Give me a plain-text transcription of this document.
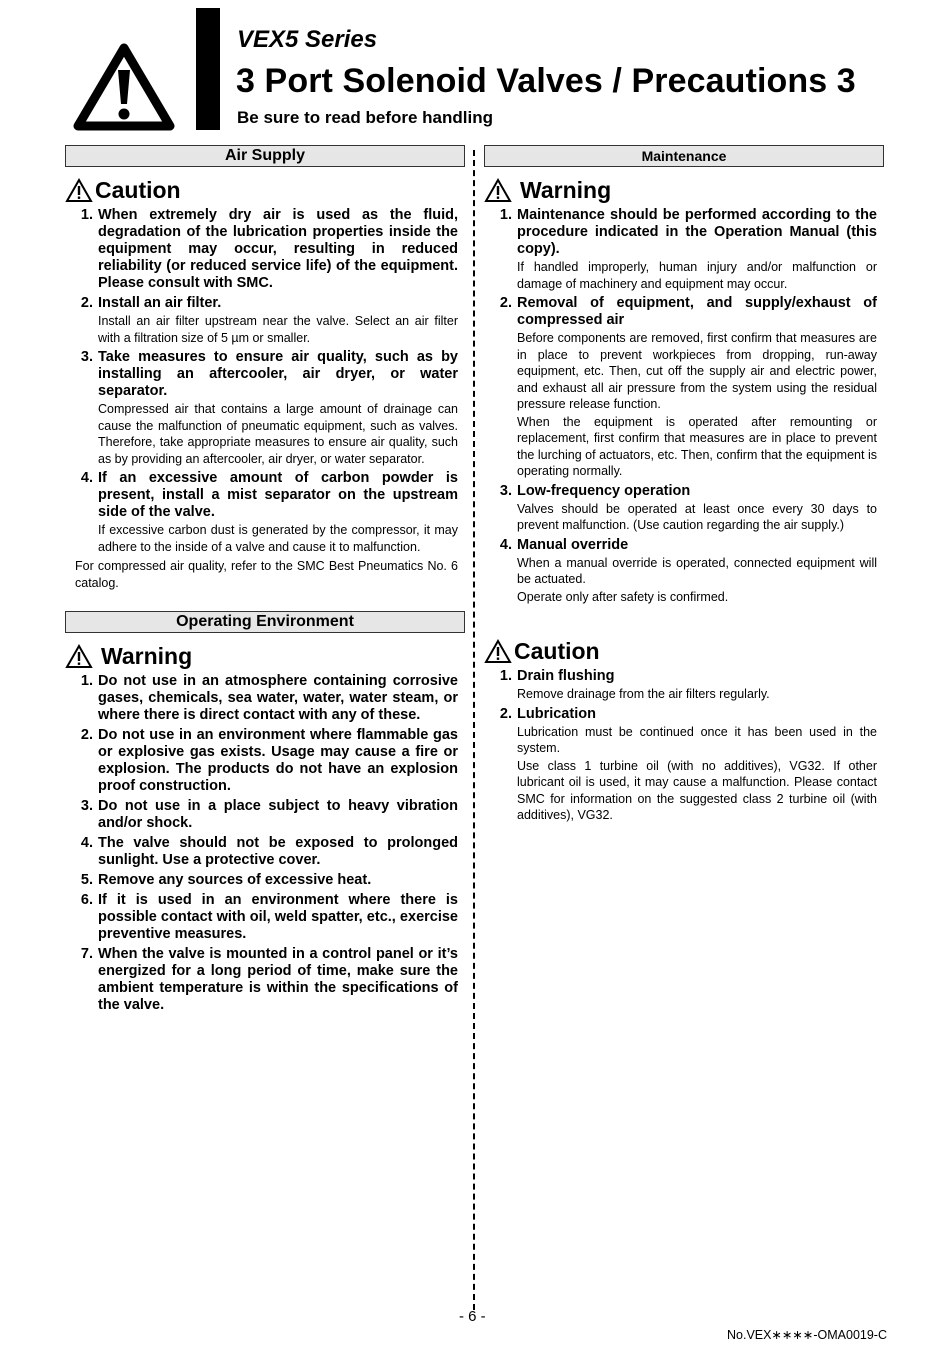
VEX5 Series
3 Port Solenoid Valves / Precautions 3

Be sure to read before handling

Air Supply
Caution
1. When extremely dry air is used as the fluid, degradation of the lubrication properties inside the equipment may occur, resulting in reduced reliability (or reduced service life) of the equipment. Please consult with SMC.
2. Install an air filter.
Install an air filter upstream near the valve. Select an air filter with a filtration size of 5 µm or smaller.
3. Take measures to ensure air quality, such as by installing an aftercooler, air dryer, or water separator.
Compressed air that contains a large amount of drainage can cause the malfunction of pneumatic equipment, such as valves. Therefore, take appropriate measures to ensure air quality, such as by providing an aftercooler, air dryer, or water separator.
4. If an excessive amount of carbon powder is present, install a mist separator on the upstream side of the valve.
If excessive carbon dust is generated by the compressor, it may adhere to the inside of a valve and cause it to malfunction.
For compressed air quality, refer to the SMC Best Pneumatics No. 6 catalog.
Operating Environment
Warning
1. Do not use in an atmosphere containing corrosive gases, chemicals, sea water, water, water steam, or where there is direct contact with any of these.
2. Do not use in an environment where flammable gas or explosive gas exists. Usage may cause a fire or explosion. The products do not have an explosion proof construction.
3. Do not use in a place subject to heavy vibration and/or shock.
4. The valve should not be exposed to prolonged sunlight. Use a protective cover.
5. Remove any sources of excessive heat.
6. If it is used in an environment where there is possible contact with oil, weld spatter, etc., exercise preventive measures.
7. When the valve is mounted in a control panel or it’s energized for a long period of time, make sure the ambient temperature is within the specifications of the valve.
Maintenance
Warning
1. Maintenance should be performed according to the procedure indicated in the Operation Manual (this copy).
If handled improperly, human injury and/or malfunction or damage of machinery and equipment may occur.
2. Removal of equipment, and supply/exhaust of compressed air
Before components are removed, first confirm that measures are in place to prevent workpieces from dropping, run-away equipment, etc. Then, cut off the supply air and electric power, and exhaust all air pressure from the system using the residual pressure release function.
When the equipment is operated after remounting or replacement, first confirm that measures are in place to prevent the lurching of actuators, etc. Then, confirm that the equipment is operating normally.
3. Low-frequency operation
Valves should be operated at least once every 30 days to prevent malfunction. (Use caution regarding the air supply.)
4. Manual override
When a manual override is operated, connected equipment will be actuated.
Operate only after safety is confirmed.
Caution
1. Drain flushing
Remove drainage from the air filters regularly.
2. Lubrication
Lubrication must be continued once it has been used in the system.
Use class 1 turbine oil (with no additives), VG32. If other lubricant oil is used, it may cause a malfunction. Please contact SMC for information on the suggested class 2 turbine oil (with additives), VG32.
- 6 -
No.VEX∗∗∗∗-OMA0019-C
